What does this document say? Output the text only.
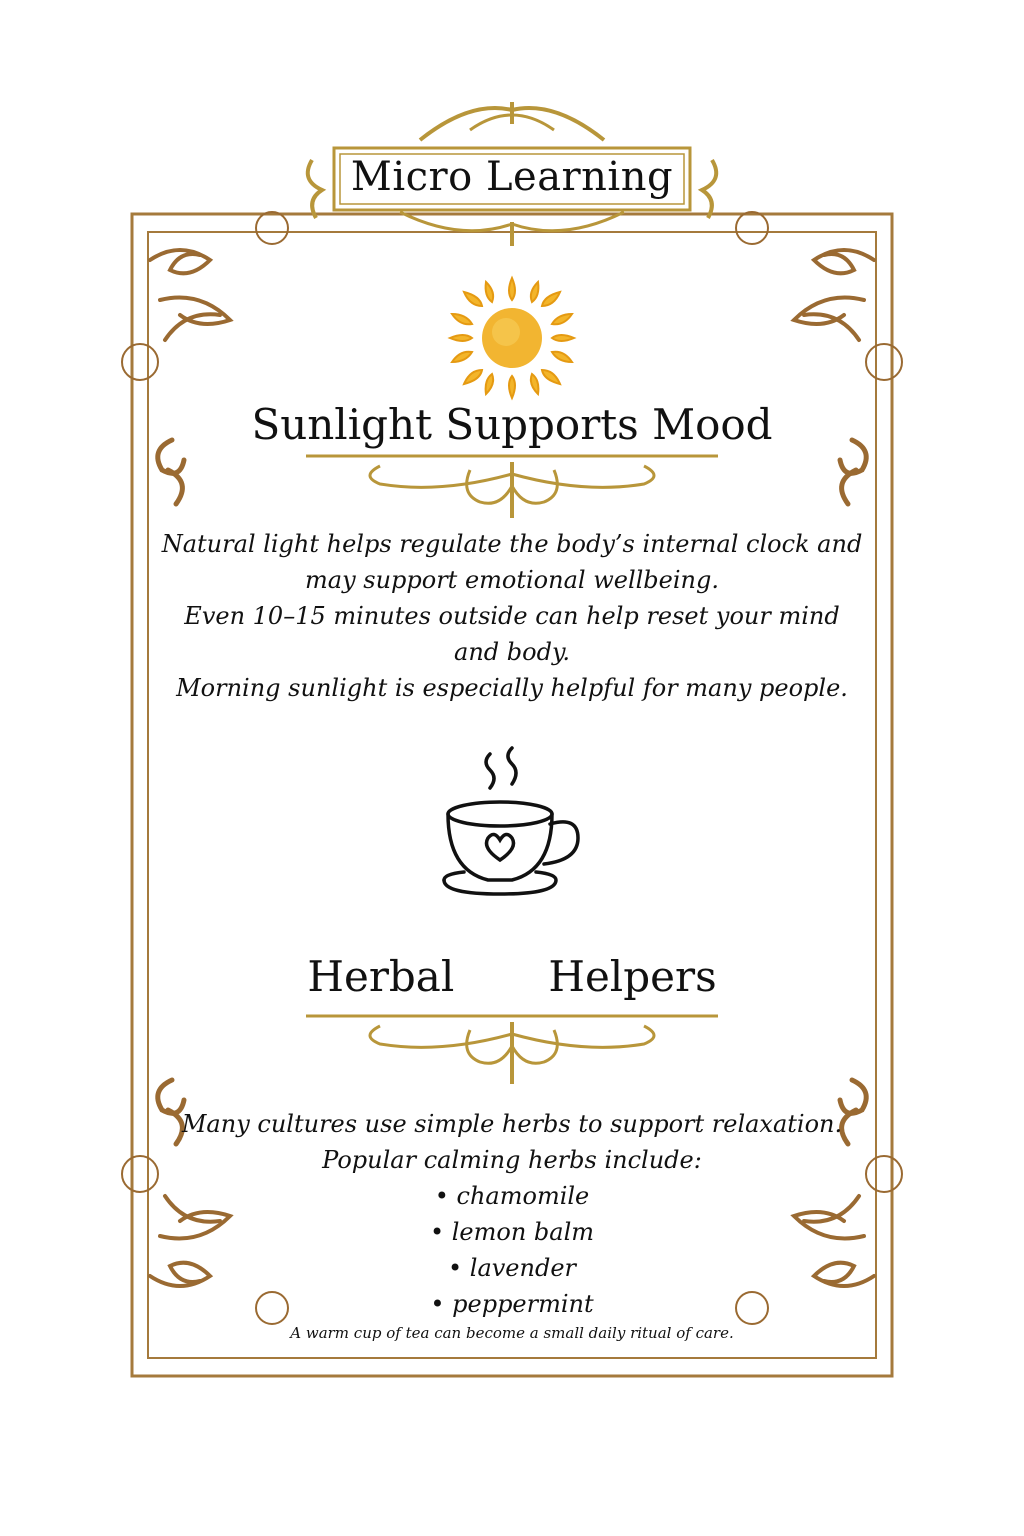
Micro Learning
Sunlight Supports Mood
Natural light helps regulate the body’s internal clock and
may support emotional wellbeing.
Even 10–15 minutes outside can help reset your mind
and body.
Morning sunlight is especially helpful for many people.
Herbal   Helpers
Many cultures use simple herbs to support relaxation.
Popular calming herbs include:
• chamomile
• lemon balm
• lavender
• peppermint
A warm cup of tea can become a small daily ritual of care.
